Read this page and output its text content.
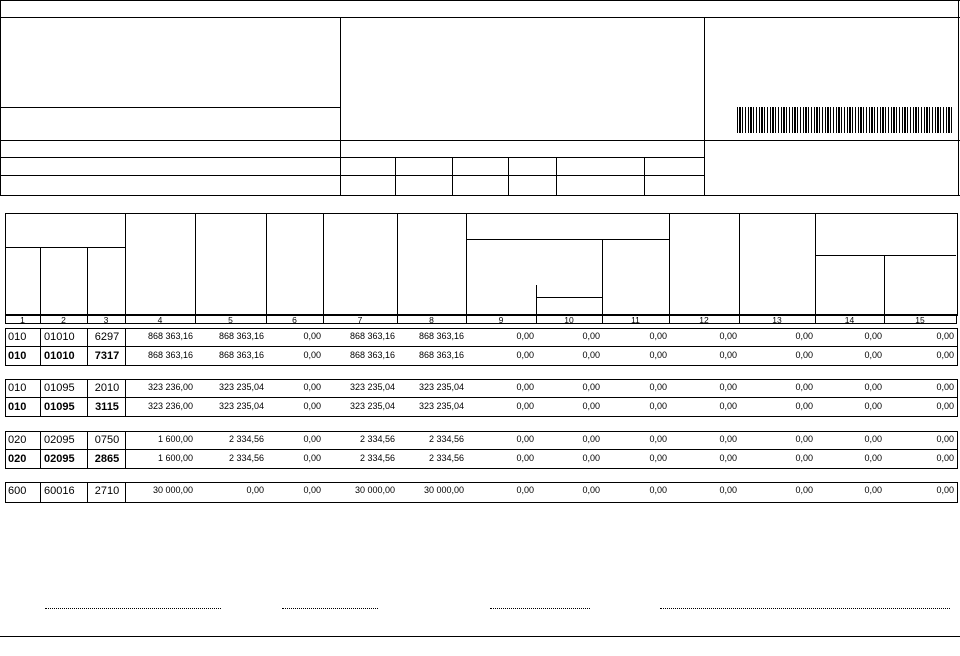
1	2	3	4	5	6	7	8	9	10	11	12	13	14	15
010	01010	6297	868 363,16	868 363,16	0,00	868 363,16	868 363,16	0,00	0,00	0,00	0,00	0,00	0,00	0,00
010	01010	7317	868 363,16	868 363,16	0,00	868 363,16	868 363,16	0,00	0,00	0,00	0,00	0,00	0,00	0,00
010	01095	2010	323 236,00	323 235,04	0,00	323 235,04	323 235,04	0,00	0,00	0,00	0,00	0,00	0,00	0,00
010	01095	3115	323 236,00	323 235,04	0,00	323 235,04	323 235,04	0,00	0,00	0,00	0,00	0,00	0,00	0,00
020	02095	0750	1 600,00	2 334,56	0,00	2 334,56	2 334,56	0,00	0,00	0,00	0,00	0,00	0,00	0,00
020	02095	2865	1 600,00	2 334,56	0,00	2 334,56	2 334,56	0,00	0,00	0,00	0,00	0,00	0,00	0,00
600	60016	2710	30 000,00	0,00	0,00	30 000,00	30 000,00	0,00	0,00	0,00	0,00	0,00	0,00	0,00
